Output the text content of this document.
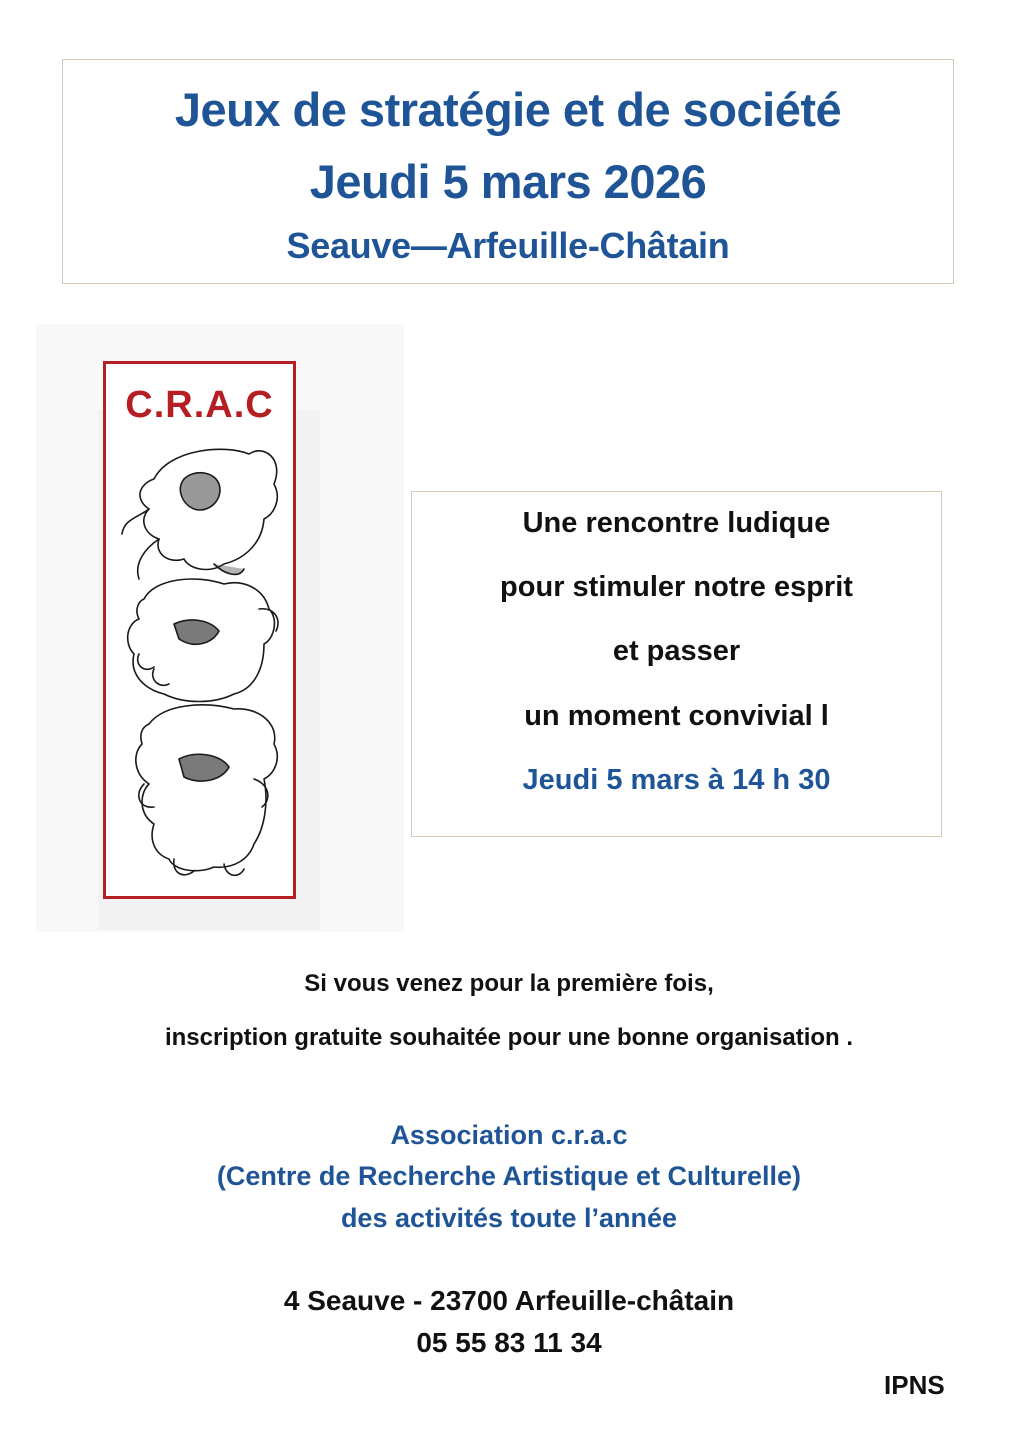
Jeux de stratégie et de société
Jeudi 5 mars 2026
Seauve—Arfeuille-Châtain
C.R.A.C
Une rencontre ludique
pour stimuler notre esprit
et passer
un moment convivial l
Jeudi 5 mars à 14 h 30
Si vous venez pour la première fois,
inscription gratuite souhaitée pour une bonne organisation .
Association c.r.a.c
(Centre de Recherche Artistique et Culturelle)
des activités toute l’année
4 Seauve - 23700 Arfeuille-châtain
05 55 83 11 34
IPNS
